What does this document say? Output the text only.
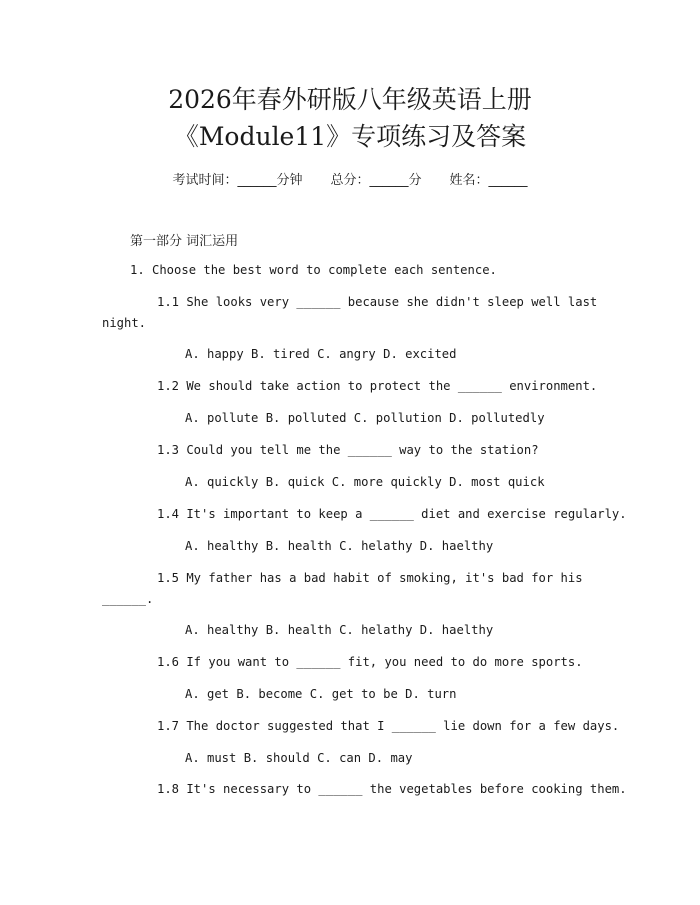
2026年春外研版八年级英语上册
《Module11》专项练习及答案
考试时间：______分钟 总分：______分 姓名：______
第一部分 词汇运用
1. Choose the best word to complete each sentence.
1.1 She looks very ______ because she didn't sleep well last
night.
A. happy B. tired C. angry D. excited
1.2 We should take action to protect the ______ environment.
A. pollute B. polluted C. pollution D. pollutedly
1.3 Could you tell me the ______ way to the station?
A. quickly B. quick C. more quickly D. most quick
1.4 It's important to keep a ______ diet and exercise regularly.
A. healthy B. health C. helathy D. haelthy
1.5 My father has a bad habit of smoking, it's bad for his
______.
A. healthy B. health C. helathy D. haelthy
1.6 If you want to ______ fit, you need to do more sports.
A. get B. become C. get to be D. turn
1.7 The doctor suggested that I ______ lie down for a few days.
A. must B. should C. can D. may
1.8 It's necessary to ______ the vegetables before cooking them.
